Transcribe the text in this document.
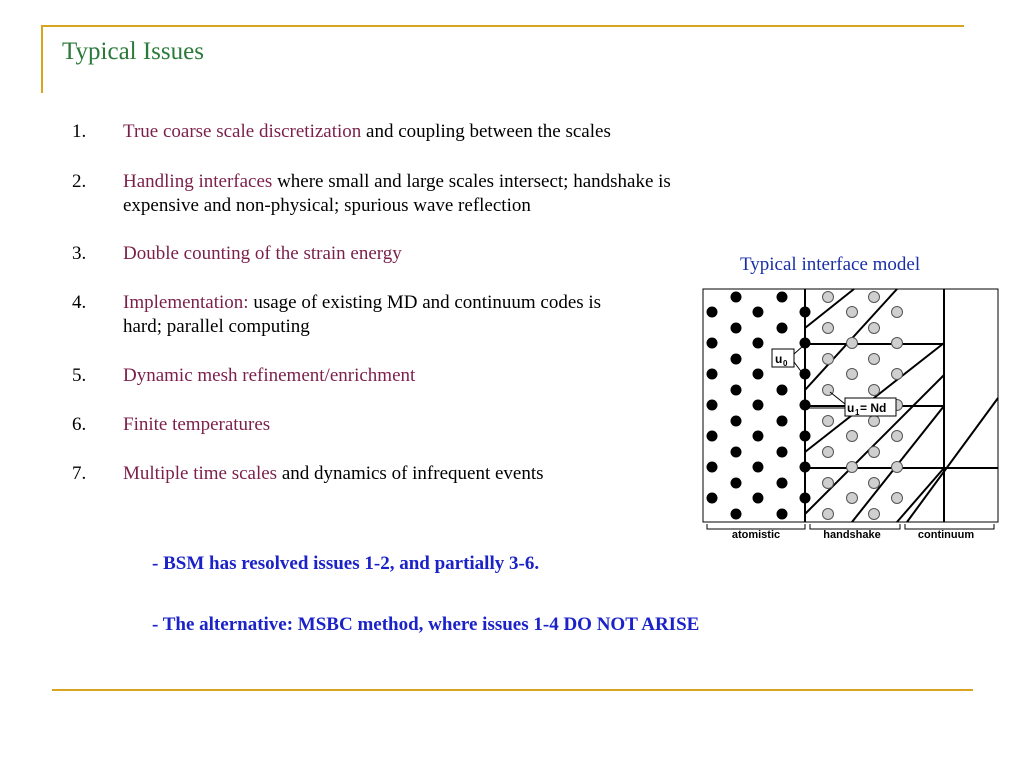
Typical Issues
1. True coarse scale discretization and coupling between the scales
2. Handling interfaces where small and large scales intersect; handshake is expensive and non-physical; spurious wave reflection
3. Double counting of the strain energy
4. Implementation: usage of existing MD and continuum codes is hard; parallel computing
5. Dynamic mesh refinement/enrichment
6. Finite temperatures
7. Multiple time scales and dynamics of infrequent events
Typical interface model
u 0
u 1 = Nd
atomistic	handshake	continuum
- BSM has resolved issues 1-2, and partially 3-6.
- The alternative: MSBC method, where issues 1-4 DO NOT ARISE
